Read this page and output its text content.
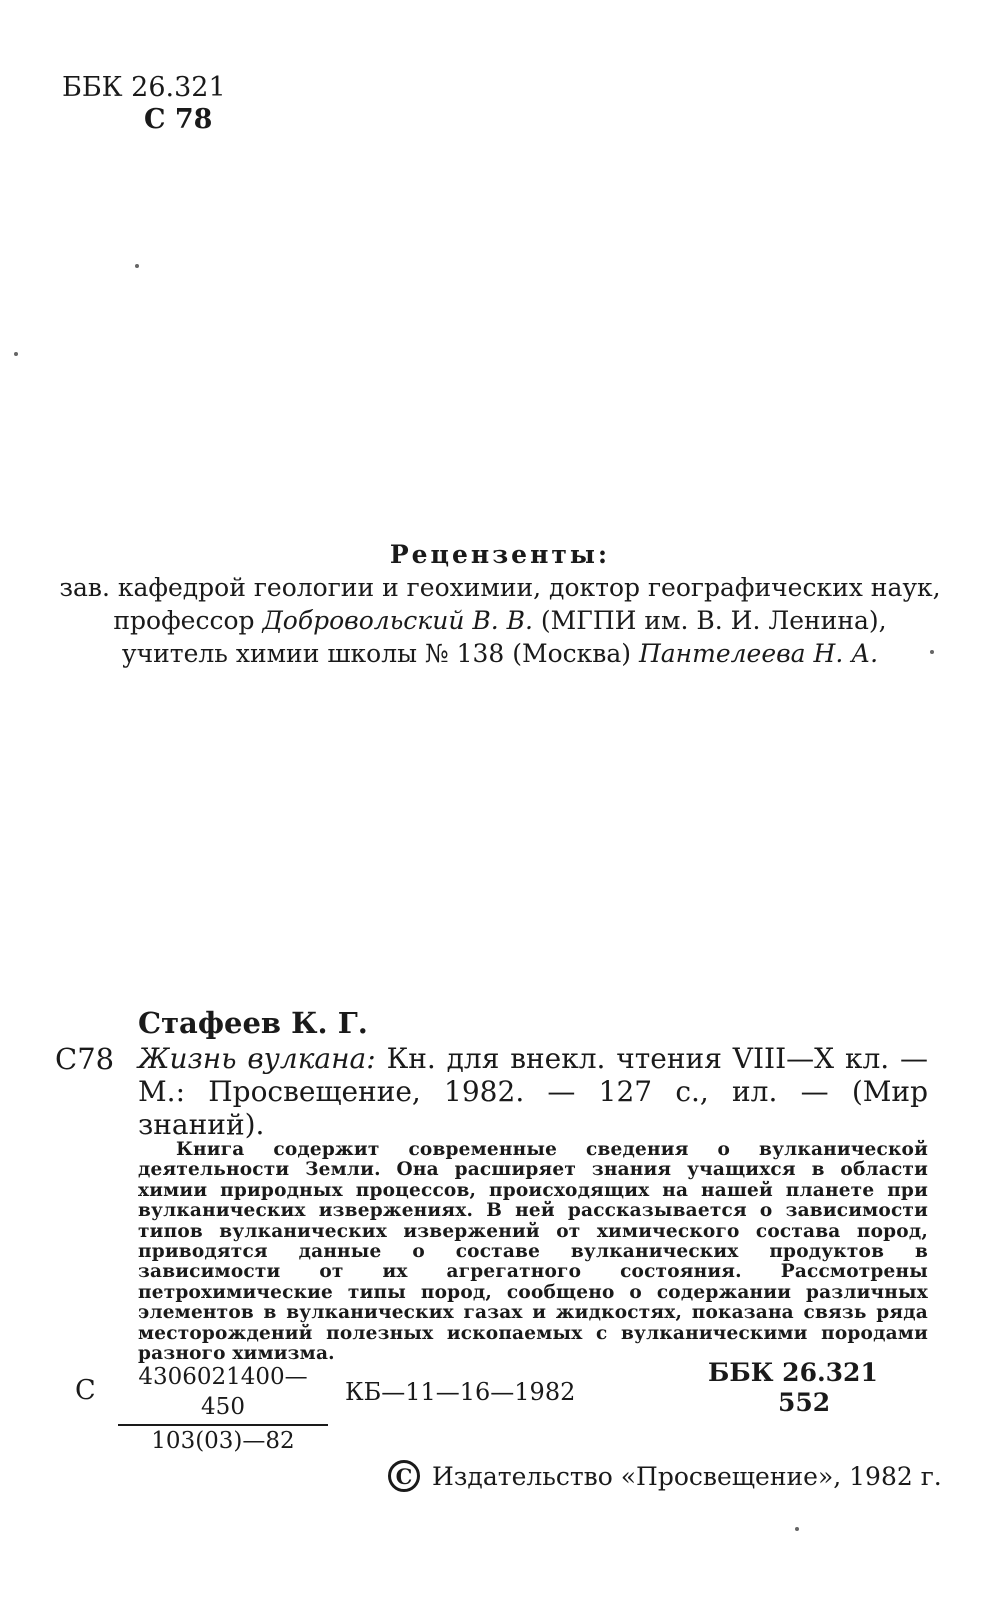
ББК 26.321
С 78
Рецензенты:
зав. кафедрой геологии и геохимии, доктор географических наук,
профессор Добровольский В. В. (МГПИ им. В. И. Ленина),
учитель химии школы № 138 (Москва) Пантелеева Н. А.
Стафеев К. Г.
С78 Жизнь вулкана: Кн. для внекл. чтения VIII—X кл. — М.: Просвещение, 1982. — 127 с., ил. — (Мир знаний).
Книга содержит современные сведения о вулканической деятельности Земли. Она расширяет знания учащихся в области химии природных процессов, происходящих на нашей планете при вулканических извержениях. В ней рассказывается о зависимости типов вулканических извержений от химического состава пород, приводятся данные о составе вулканических продуктов в зависимости от их агрегатного состояния. Рассмотрены петрохимические типы пород, сообщено о содержании различных элементов в вулканических газах и жидкостях, показана связь ряда месторождений полезных ископаемых с вулканическими породами разного химизма.
С $\frac{4306021400—450}{103(03)—82}$ КБ—11—16—1982
ББК 26.321
552
C Издательство «Просвещение», 1982 г.
